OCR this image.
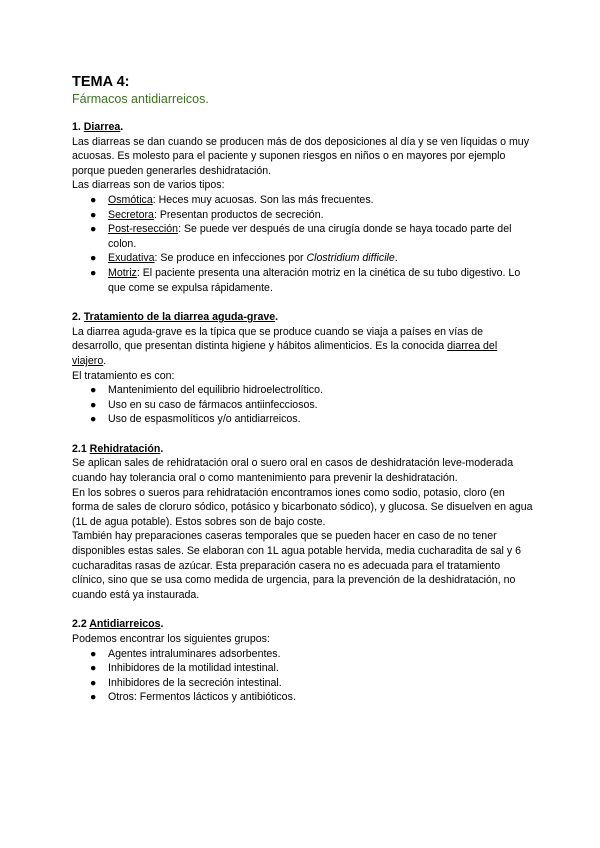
TEMA 4:

Fármacos antidiarreicos.

1. Diarrea.

Las diarreas se dan cuando se producen más de dos deposiciones al día y se ven líquidas o muy acuosas. Es molesto para el paciente y suponen riesgos en niños o en mayores por ejemplo porque pueden generarles deshidratación.

Las diarreas son de varios tipos:

● Osmótica: Heces muy acuosas. Son las más frecuentes.
● Secretora: Presentan productos de secreción.
● Post-resección: Se puede ver después de una cirugía donde se haya tocado parte del colon.
● Exudativa: Se produce en infecciones por Clostridium difficile.
● Motriz: El paciente presenta una alteración motriz en la cinética de su tubo digestivo. Lo que come se expulsa rápidamente.

2. Tratamiento de la diarrea aguda-grave.

La diarrea aguda-grave es la típica que se produce cuando se viaja a países en vías de desarrollo, que presentan distinta higiene y hábitos alimenticios. Es la conocida diarrea del viajero.

El tratamiento es con:

● Mantenimiento del equilibrio hidroelectrolítico.
● Uso en su caso de fármacos antiinfecciosos.
● Uso de espasmolíticos y/o antidiarreicos.

2.1 Rehidratación.

Se aplican sales de rehidratación oral o suero oral en casos de deshidratación leve-moderada cuando hay tolerancia oral o como mantenimiento para prevenir la deshidratación.

En los sobres o sueros para rehidratación encontramos iones como sodio, potasio, cloro (en forma de sales de cloruro sódico, potásico y bicarbonato sódico), y glucosa. Se disuelven en agua (1L de agua potable). Estos sobres son de bajo coste.

También hay preparaciones caseras temporales que se pueden hacer en caso de no tener disponibles estas sales. Se elaboran con 1L agua potable hervida, media cucharadita de sal y 6 cucharaditas rasas de azúcar. Esta preparación casera no es adecuada para el tratamiento clínico, sino que se usa como medida de urgencia, para la prevención de la deshidratación, no cuando está ya instaurada.

2.2 Antidiarreicos.

Podemos encontrar los siguientes grupos:

● Agentes intraluminares adsorbentes.
● Inhibidores de la motilidad intestinal.
● Inhibidores de la secreción intestinal.
● Otros: Fermentos lácticos y antibióticos.
